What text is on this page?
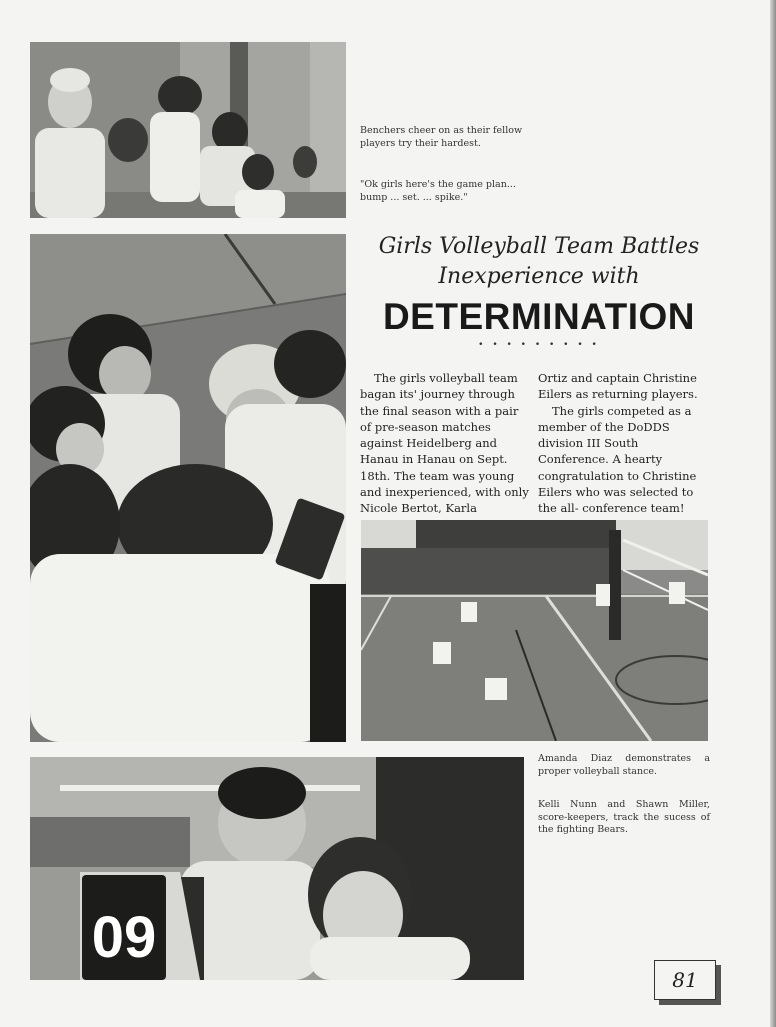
Benchers cheer on as their fellow players try their hardest.

"Ok girls here's the game plan... bump ... set. ... spike."

Girls Volleyball Team Battles
Inexperience with
DETERMINATION
• • • • • • • • •

The girls volleyball team bagan its' journey through the final season with a pair of pre-season matches against Heidelberg and Hanau in Hanau on Sept. 18th. The team was young and inexperienced, with only Nicole Bertot, Karla

Ortiz and captain Christine Eilers as returning players.
The girls competed as a member of the DoDDS division III South Conference. A hearty congratulation to Christine Eilers who was selected to the all- conference team!

Amanda Diaz demonstrates a proper volleyball stance.

Kelli Nunn and Shawn Miller, score-keepers, track the sucess of the fighting Bears.

09
81
